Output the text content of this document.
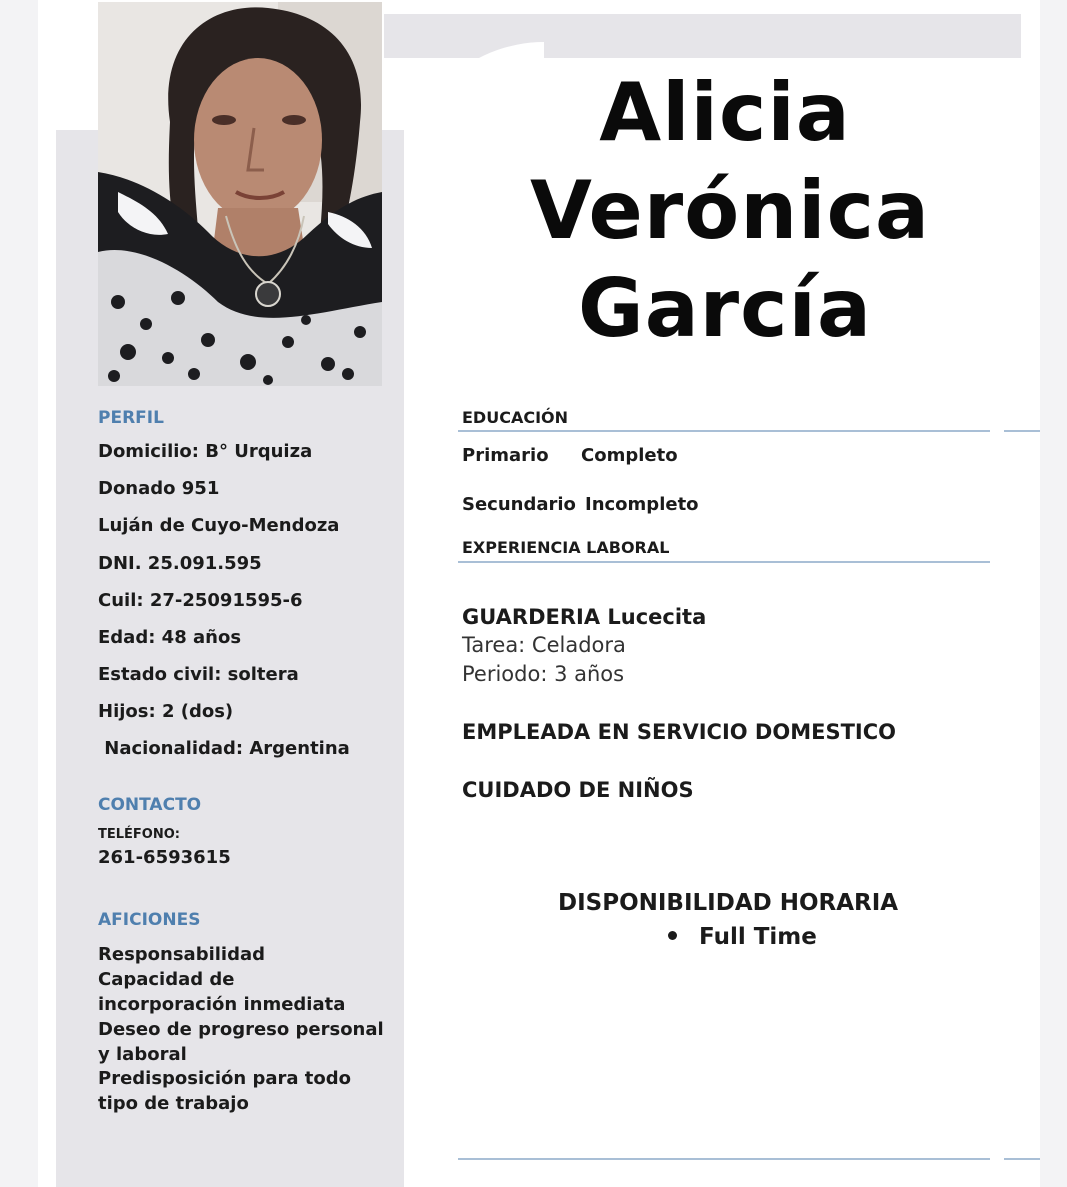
Alicia
Verónica
García
PERFIL
Domicilio: B° Urquiza
Donado 951
Luján de Cuyo-Mendoza
DNI. 25.091.595
Cuil: 27-25091595-6
Edad: 48 años
Estado civil: soltera
Hijos: 2 (dos)
Nacionalidad: Argentina
CONTACTO
TELÉFONO:
261-6593615
AFICIONES
Responsabilidad
Capacidad de
incorporación inmediata
Deseo de progreso personal
y laboral
Predisposición para todo
tipo de trabajo
EDUCACIÓN
Primario Completo
Secundario Incompleto
EXPERIENCIA LABORAL
GUARDERIA Lucecita
Tarea: Celadora
Periodo: 3 años
EMPLEADA EN SERVICIO DOMESTICO
CUIDADO DE NIÑOS
DISPONIBILIDAD HORARIA
Full Time
